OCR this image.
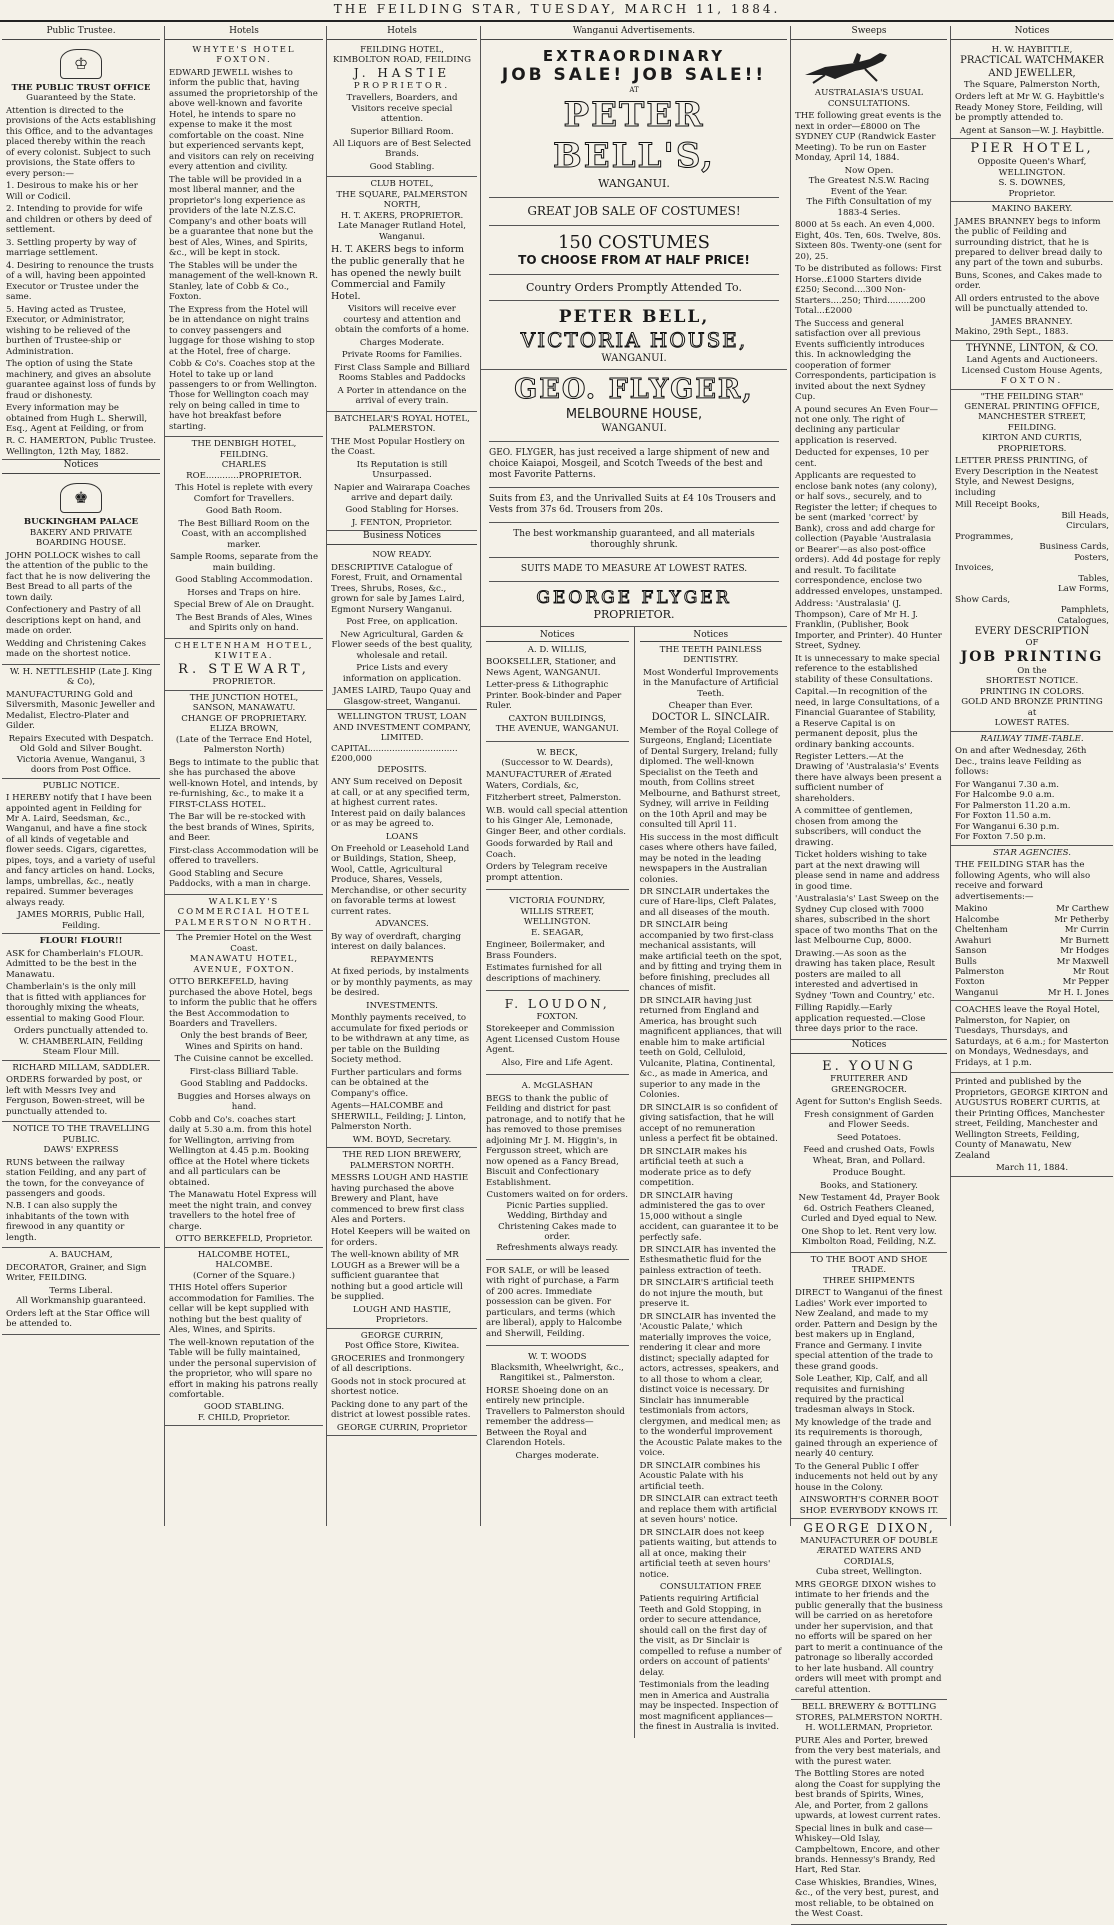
THE FEILDING STAR, TUESDAY, MARCH 11, 1884.
Public Trustee.
♔
THE PUBLIC TRUST OFFICE
Guaranteed by the State.
Attention is directed to the provisions of the Acts establishing this Office, and to the advantages placed thereby within the reach of every colonist. Subject to such provisions, the State offers to every person:—
1. Desirous to make his or her Will or Codicil.
2. Intending to provide for wife and children or others by deed of settlement.
3. Settling property by way of marriage settlement.
4. Desiring to renounce the trusts of a will, having been appointed Executor or Trustee under the same.
5. Having acted as Trustee, Executor, or Administrator, wishing to be relieved of the burthen of Trustee-ship or Administration.
The option of using the State machinery, and gives an absolute guarantee against loss of funds by fraud or dishonesty.
Every information may be obtained from Hugh L. Sherwill, Esq., Agent at Feilding, or from
R. C. HAMERTON, Public Trustee.
Wellington, 12th May, 1882.
Notices
♚
BUCKINGHAM PALACE
BAKERY AND PRIVATE BOARDING HOUSE.
JOHN POLLOCK wishes to call the attention of the public to the fact that he is now delivering the Best Bread to all parts of the town daily.
Confectionery and Pastry of all descriptions kept on hand, and made on order.
Wedding and Christening Cakes made on the shortest notice.
W. H. NETTLESHIP (Late J. King & Co),
MANUFACTURING Gold and Silversmith, Masonic Jeweller and Medalist, Electro-Plater and Gilder.
Repairs Executed with Despatch.
Old Gold and Silver Bought.
Victoria Avenue, Wanganui, 3 doors from Post Office.
PUBLIC NOTICE.
I HEREBY notify that I have been appointed agent in Feilding for Mr A. Laird, Seedsman, &c., Wanganui, and have a fine stock of all kinds of vegetable and flower seeds. Cigars, cigarettes, pipes, toys, and a variety of useful and fancy articles on hand. Locks, lamps, umbrellas, &c., neatly repaired. Summer beverages always ready.
JAMES MORRIS, Public Hall, Feilding.
FLOUR! FLOUR!!
ASK for Chamberlain's FLOUR. Admitted to be the best in the Manawatu.
Chamberlain's is the only mill that is fitted with appliances for thoroughly mixing the wheats, essential to making Good Flour.
Orders punctually attended to.
W. CHAMBERLAIN, Feilding Steam Flour Mill.
RICHARD MILLAM, SADDLER.
ORDERS forwarded by post, or left with Messrs Ivey and Ferguson, Bowen-street, will be punctually attended to.
NOTICE TO THE TRAVELLING PUBLIC.
DAWS' EXPRESS
RUNS between the railway station Feilding, and any part of the town, for the conveyance of passengers and goods.
N.B. I can also supply the inhabitants of the town with firewood in any quantity or length.
A. BAUCHAM,
DECORATOR, Grainer, and Sign Writer, FEILDING.
Terms Liberal.
All Workmanship guaranteed.
Orders left at the Star Office will be attended to.
Hotels
WHYTE'S HOTEL FOXTON.
EDWARD JEWELL wishes to inform the public that, having assumed the proprietorship of the above well-known and favorite Hotel, he intends to spare no expense to make it the most comfortable on the coast. Nine but experienced servants kept, and visitors can rely on receiving every attention and civility.
The table will be provided in a most liberal manner, and the proprietor's long experience as providers of the late N.Z.S.C. Company's and other boats will be a guarantee that none but the best of Ales, Wines, and Spirits, &c., will be kept in stock.
The Stables will be under the management of the well-known R. Stanley, late of Cobb & Co., Foxton.
The Express from the Hotel will be in attendance on night trains to convey passengers and luggage for those wishing to stop at the Hotel, free of charge.
Cobb & Co's. Coaches stop at the Hotel to take up or land passengers to or from Wellington. Those for Wellington coach may rely on being called in time to have hot breakfast before starting.
THE DENBIGH HOTEL, FEILDING.
CHARLES ROE............PROPRIETOR.
This Hotel is replete with every Comfort for Travellers.
Good Bath Room.
The Best Billiard Room on the Coast, with an accomplished marker.
Sample Rooms, separate from the main building.
Good Stabling Accommodation.
Horses and Traps on hire.
Special Brew of Ale on Draught.
The Best Brands of Ales, Wines and Spirits only on hand.
CHELTENHAM HOTEL, KIWITEA.
R. STEWART,
PROPRIETOR.
THE JUNCTION HOTEL, SANSON, MANAWATU.
CHANGE OF PROPRIETARY.
ELIZA BROWN,
(Late of the Terrace End Hotel, Palmerston North)
Begs to intimate to the public that she has purchased the above well-known Hotel, and intends, by re-furnishing, &c., to make it a FIRST-CLASS HOTEL.
The Bar will be re-stocked with the best brands of Wines, Spirits, and Beer.
First-class Accommodation will be offered to travellers.
Good Stabling and Secure Paddocks, with a man in charge.
WALKLEY'S COMMERCIAL HOTEL PALMERSTON NORTH.
The Premier Hotel on the West Coast.
MANAWATU HOTEL, AVENUE, FOXTON.
OTTO BERKEFELD, having purchased the above Hotel, begs to inform the public that he offers the Best Accommodation to Boarders and Travellers.
Only the best brands of Beer, Wines and Spirits on hand.
The Cuisine cannot be excelled.
First-class Billiard Table.
Good Stabling and Paddocks.
Buggies and Horses always on hand.
Cobb and Co's. coaches start daily at 5.30 a.m. from this hotel for Wellington, arriving from Wellington at 4.45 p.m. Booking office at the Hotel where tickets and all particulars can be obtained.
The Manawatu Hotel Express will meet the night train, and convey travellers to the hotel free of charge.
OTTO BERKEFELD, Proprietor.
HALCOMBE HOTEL, HALCOMBE.
(Corner of the Square.)
THIS Hotel offers Superior accommodation for Families. The cellar will be kept supplied with nothing but the best quality of Ales, Wines, and Spirits.
The well-known reputation of the Table will be fully maintained, under the personal supervision of the proprietor, who will spare no effort in making his patrons really comfortable.
GOOD STABLING.
F. CHILD, Proprietor.
Hotels
FEILDING HOTEL, KIMBOLTON ROAD, FEILDING
J. HASTIE
PROPRIETOR.
Travellers, Boarders, and Visitors receive special attention.
Superior Billiard Room.
All Liquors are of Best Selected Brands.
Good Stabling.
CLUB HOTEL,
THE SQUARE, PALMERSTON NORTH,
H. T. AKERS, PROPRIETOR.
Late Manager Rutland Hotel, Wanganui.
H. T. AKERS begs to inform the public generally that he has opened the newly built Commercial and Family Hotel.
Visitors will receive ever courtesy and attention and obtain the comforts of a home.
Charges Moderate.
Private Rooms for Families.
First Class Sample and Billiard Rooms Stables and Paddocks
A Porter in attendance on the arrival of every train.
BATCHELAR'S ROYAL HOTEL, PALMERSTON.
THE Most Popular Hostlery on the Coast.
Its Reputation is still Unsurpassed.
Napier and Wairarapa Coaches arrive and depart daily.
Good Stabling for Horses.
J. FENTON, Proprietor.
Business Notices
NOW READY.
DESCRIPTIVE Catalogue of Forest, Fruit, and Ornamental Trees, Shrubs, Roses, &c., grown for sale by James Laird, Egmont Nursery Wanganui.
Post Free, on application.
New Agricultural, Garden & Flower seeds of the best quality, wholesale and retail.
Price Lists and every information on application.
JAMES LAIRD, Taupo Quay and Glasgow-street, Wanganui.
WELLINGTON TRUST, LOAN AND INVESTMENT COMPANY, LIMITED.
CAPITAL................................£200,000
DEPOSITS.
ANY Sum received on Deposit at call, or at any specified term, at highest current rates. Interest paid on daily balances or as may be agreed to.
LOANS
On Freehold or Leasehold Land or Buildings, Station, Sheep, Wool, Cattle, Agricultural Produce, Shares, Vessels, Merchandise, or other security on favorable terms at lowest current rates.
ADVANCES.
By way of overdraft, charging interest on daily balances.
REPAYMENTS
At fixed periods, by instalments or by monthly payments, as may be desired.
INVESTMENTS.
Monthly payments received, to accumulate for fixed periods or to be withdrawn at any time, as per table on the Building Society method.
Further particulars and forms can be obtained at the Company's office.
Agents—HALCOMBE and SHERWILL, Feilding; J. Linton, Palmerston North.
WM. BOYD, Secretary.
THE RED LION BREWERY, PALMERSTON NORTH.
MESSRS LOUGH AND HASTIE having purchased the above Brewery and Plant, have commenced to brew first class Ales and Porters.
Hotel Keepers will be waited on for orders.
The well-known ability of MR LOUGH as a Brewer will be a sufficient guarantee that nothing but a good article will be supplied.
LOUGH AND HASTIE, Proprietors.
GEORGE CURRIN,
Post Office Store, Kiwitea.
GROCERIES and Ironmongery of all descriptions.
Goods not in stock procured at shortest notice.
Packing done to any part of the district at lowest possible rates.
GEORGE CURRIN, Proprietor
Wanganui Advertisements.
EXTRAORDINARY
JOB SALE! JOB SALE!!
AT
PETER BELL'S,
WANGANUI.
GREAT JOB SALE OF COSTUMES!
150 COSTUMES
TO CHOOSE FROM AT HALF PRICE!
Country Orders Promptly Attended To.
PETER BELL,
VICTORIA HOUSE,
WANGANUI.
GEO. FLYGER,
MELBOURNE HOUSE,
WANGANUI.
GEO. FLYGER, has just received a large shipment of new and choice Kaiapoi, Mosgeil, and Scotch Tweeds of the best and most Favorite Patterns.
Suits from £3, and the Unrivalled Suits at £4 10s Trousers and Vests from 37s 6d. Trousers from 20s.
The best workmanship guaranteed, and all materials thoroughly shrunk.
SUITS MADE TO MEASURE AT LOWEST RATES.
GEORGE FLYGER
PROPRIETOR.
Notices
A. D. WILLIS,
BOOKSELLER, Stationer, and News Agent, WANGANUI.
Letter-press & Lithographic Printer. Book-binder and Paper Ruler.
CAXTON BUILDINGS,
THE AVENUE, WANGANUI.
W. BECK,
(Successor to W. Deards),
MANUFACTURER of Ærated Waters, Cordials, &c,
Fitzherbert street, Palmerston.
W.B. would call special attention to his Ginger Ale, Lemonade, Ginger Beer, and other cordials.
Goods forwarded by Rail and Coach.
Orders by Telegram receive prompt attention.
VICTORIA FOUNDRY,
WILLIS STREET, WELLINGTON.
E. SEAGAR,
Engineer, Boilermaker, and Brass Founders.
Estimates furnished for all descriptions of machinery.
F. LOUDON,
FOXTON.
Storekeeper and Commission Agent Licensed Custom House Agent.
Also, Fire and Life Agent.
A. McGLASHAN
BEGS to thank the public of Feilding and district for past patronage, and to notify that he has removed to those premises adjoining Mr J. M. Higgin's, in Fergusson street, which are now opened as a Fancy Bread, Biscuit and Confectionary Establishment.
Customers waited on for orders.
Picnic Parties supplied.
Wedding, Birthday and Christening Cakes made to order.
Refreshments always ready.
FOR SALE, or will be leased with right of purchase, a Farm of 200 acres. Immediate possession can be given. For particulars, and terms (which are liberal), apply to Halcombe and Sherwill, Feilding.
W. T. WOODS
Blacksmith, Wheelwright, &c., Rangitikei st., Palmerston.
HORSE Shoeing done on an entirely new principle. Travellers to Palmerston should remember the address—Between the Royal and Clarendon Hotels.
Charges moderate.
Notices
THE TEETH PAINLESS DENTISTRY.
Most Wonderful Improvements in the Manufacture of Artificial Teeth.
Cheaper than Ever.
DOCTOR L. SINCLAIR.
Member of the Royal College of Surgeons, England; Licentiate of Dental Surgery, Ireland; fully diplomed. The well-known Specialist on the Teeth and mouth, from Collins street Melbourne, and Bathurst street, Sydney, will arrive in Feilding on the 10th April and may be consulted till April 11.
His success in the most difficult cases where others have failed, may be noted in the leading newspapers in the Australian colonies.
DR SINCLAIR undertakes the cure of Hare-lips, Cleft Palates, and all diseases of the mouth.
DR SINCLAIR being accompanied by two first-class mechanical assistants, will make artificial teeth on the spot, and by fitting and trying them in before finishing, precludes all chances of misfit.
DR SINCLAIR having just returned from England and America, has brought such magnificent appliances, that will enable him to make artificial teeth on Gold, Celluloid, Vulcanite, Platina, Continental, &c., as made in America, and superior to any made in the Colonies.
DR SINCLAIR is so confident of giving satisfaction, that he will accept of no remuneration unless a perfect fit be obtained.
DR SINCLAIR makes his artificial teeth at such a moderate price as to defy competition.
DR SINCLAIR having administered the gas to over 15,000 without a single accident, can guarantee it to be perfectly safe.
DR SINCLAIR has invented the Esthesmathetic fluid for the painless extraction of teeth.
DR SINCLAIR'S artificial teeth do not injure the mouth, but preserve it.
DR SINCLAIR has invented the 'Acoustic Palate,' which materially improves the voice, rendering it clear and more distinct; specially adapted for actors, actresses, speakers, and to all those to whom a clear, distinct voice is necessary. Dr Sinclair has innumerable testimonials from actors, clergymen, and medical men; as to the wonderful improvement the Acoustic Palate makes to the voice.
DR SINCLAIR combines his Acoustic Palate with his artificial teeth.
DR SINCLAIR can extract teeth and replace them with artificial at seven hours' notice.
DR SINCLAIR does not keep patients waiting, but attends to all at once, making their artificial teeth at seven hours' notice.
CONSULTATION FREE
Patients requiring Artificial Teeth and Gold Stopping, in order to secure attendance, should call on the first day of the visit, as Dr Sinclair is compelled to refuse a number of orders on account of patients' delay.
Testimonials from the leading men in America and Australia may be inspected. Inspection of most magnificent appliances—the finest in Australia is invited.
Sweeps
AUSTRALASIA'S USUAL CONSULTATIONS.
THE following great events is the next in order—£8000 on The SYDNEY CUP (Randwick Easter Meeting). To be run on Easter Monday, April 14, 1884.
Now Open.
The Greatest N.S.W. Racing Event of the Year.
The Fifth Consultation of my 1883-4 Series.
8000 at 5s each. An even 4,000. Eight, 40s. Ten, 60s. Twelve, 80s. Sixteen 80s. Twenty-one (sent for 20), 25.
To be distributed as follows: First Horse..£1000 Starters divide £250; Second....300 Non-Starters....250; Third........200 Total...£2000
The Success and general satisfaction over all previous Events sufficiently introduces this. In acknowledging the cooperation of former Correspondents, participation is invited about the next Sydney Cup.
A pound secures An Even Four—not one only. The right of declining any particular application is reserved.
Deducted for expenses, 10 per cent.
Applicants are requested to enclose bank notes (any colony), or half sovs., securely, and to Register the letter; if cheques to be sent (marked 'correct' by Bank), cross and add charge for collection (Payable 'Australasia or Bearer'—as also post-office orders). Add 4d postage for reply and result. To facilitate correspondence, enclose two addressed envelopes, unstamped.
Address: 'Australasia' (J. Thompson), Care of Mr H. J. Franklin, (Publisher, Book Importer, and Printer). 40 Hunter Street, Sydney.
It is unnecessary to make special reference to the established stability of these Consultations.
Capital.—In recognition of the need, in large Consultations, of a Financial Guarantee of Stability, a Reserve Capital is on permanent deposit, plus the ordinary banking accounts.
Register Letters.—At the Drawing of 'Australasia's' Events there have always been present a sufficient number of shareholders.
A committee of gentlemen, chosen from among the subscribers, will conduct the drawing.
Ticket holders wishing to take part at the next drawing will please send in name and address in good time.
'Australasia's' Last Sweep on the Sydney Cup closed with 7000 shares, subscribed in the short space of two months That on the last Melbourne Cup, 8000.
Drawing.—As soon as the drawing has taken place, Result posters are mailed to all interested and advertised in Sydney 'Town and Country,' etc.
Filling Rapidly.—Early application requested.—Close three days prior to the race.
Notices
E. YOUNG
FRUITERER AND GREENGROCER.
Agent for Sutton's English Seeds.
Fresh consignment of Garden and Flower Seeds.
Seed Potatoes.
Feed and crushed Oats, Fowls Wheat, Bran, and Pollard.
Produce Bought.
Books, and Stationery.
New Testament 4d, Prayer Book 6d. Ostrich Feathers Cleaned, Curled and Dyed equal to New.
One Shop to let. Rent very low. Kimbolton Road, Feilding, N.Z.
TO THE BOOT AND SHOE TRADE.
THREE SHIPMENTS
DIRECT to Wanganui of the finest Ladies' Work ever imported to New Zealand, and made to my order. Pattern and Design by the best makers up in England, France and Germany. I invite special attention of the trade to these grand goods.
Sole Leather, Kip, Calf, and all requisites and furnishing required by the practical tradesman always in Stock.
My knowledge of the trade and its requirements is thorough, gained through an experience of nearly 40 century.
To the General Public I offer inducements not held out by any house in the Colony.
AINSWORTH'S CORNER BOOT SHOP. EVERYBODY KNOWS IT.
GEORGE DIXON,
MANUFACTURER OF DOUBLE ÆRATED WATERS AND CORDIALS,
Cuba street, Wellington.
MRS GEORGE DIXON wishes to intimate to her friends and the public generally that the business will be carried on as heretofore under her supervision, and that no efforts will be spared on her part to merit a continuance of the patronage so liberally accorded to her late husband. All country orders will meet with prompt and careful attention.
BELL BREWERY & BOTTLING STORES, PALMERSTON NORTH.
H. WOLLERMAN, Proprietor.
PURE Ales and Porter, brewed from the very best materials, and with the purest water.
The Bottling Stores are noted along the Coast for supplying the best brands of Spirits, Wines, Ale, and Porter, from 2 gallons upwards, at lowest current rates.
Special lines in bulk and case—Whiskey—Old Islay, Campbeltown, Encore, and other brands. Hennessy's Brandy, Red Hart, Red Star.
Case Whiskies, Brandies, Wines, &c., of the very best, purest, and most reliable, to be obtained on the West Coast.
Notices
H. W. HAYBITTLE,
PRACTICAL WATCHMAKER AND JEWELLER,
The Square, Palmerston North,
Orders left at Mr W. G. Haybittle's Ready Money Store, Feilding, will be promptly attended to.
Agent at Sanson—W. J. Haybittle.
PIER HOTEL,
Opposite Queen's Wharf, WELLINGTON.
S. S. DOWNES,
Proprietor.
MAKINO BAKERY.
JAMES BRANNEY begs to inform the public of Feilding and surrounding district, that he is prepared to deliver bread daily to any part of the town and suburbs.
Buns, Scones, and Cakes made to order.
All orders entrusted to the above will be punctually attended to.
JAMES BRANNEY.
Makino, 29th Sept., 1883.
THYNNE, LINTON, & CO.
Land Agents and Auctioneers.
Licensed Custom House Agents,
FOXTON.
"THE FEILDING STAR"
GENERAL PRINTING OFFICE,
MANCHESTER STREET,
FEILDING.
KIRTON AND CURTIS,
PROPRIETORS.
LETTER PRESS PRINTING, of Every Description in the Neatest Style, and Newest Designs, including
Mill Receipt Books,
Bill Heads,
Circulars,
Programmes,
Business Cards,
Posters,
Invoices,
Tables,
Law Forms,
Show Cards,
Pamphlets,
Catalogues,
EVERY DESCRIPTION
OF
JOB PRINTING
On the
SHORTEST NOTICE.
PRINTING IN COLORS.
GOLD AND BRONZE PRINTING
at
LOWEST RATES.
RAILWAY TIME-TABLE.
On and after Wednesday, 26th Dec., trains leave Feilding as follows:
For Wanganui 7.30 a.m.
For Halcombe 9.0 a.m.
For Palmerston 11.20 a.m.
For Foxton 11.50 a.m.
For Wanganui 6.30 p.m.
For Foxton 7.50 p.m.
STAR AGENCIES.
THE FEILDING STAR has the following Agents, who will also receive and forward advertisements:—
Makino	Mr Carthew
Halcombe	Mr Petherby
Cheltenham	Mr Currin
Awahuri	Mr Burnett
Sanson	Mr Hodges
Bulls	Mr Maxwell
Palmerston	Mr Rout
Foxton	Mr Pepper
Wanganui	Mr H. I. Jones
COACHES leave the Royal Hotel, Palmerston, for Napier, on Tuesdays, Thursdays, and Saturdays, at 6 a.m.; for Masterton on Mondays, Wednesdays, and Fridays, at 1 p.m.
Printed and published by the Proprietors, GEORGE KIRTON and AUGUSTUS ROBERT CURTIS, at their Printing Offices, Manchester street, Feilding, Manchester and Wellington Streets, Feilding, County of Manawatu, New Zealand
March 11, 1884.
